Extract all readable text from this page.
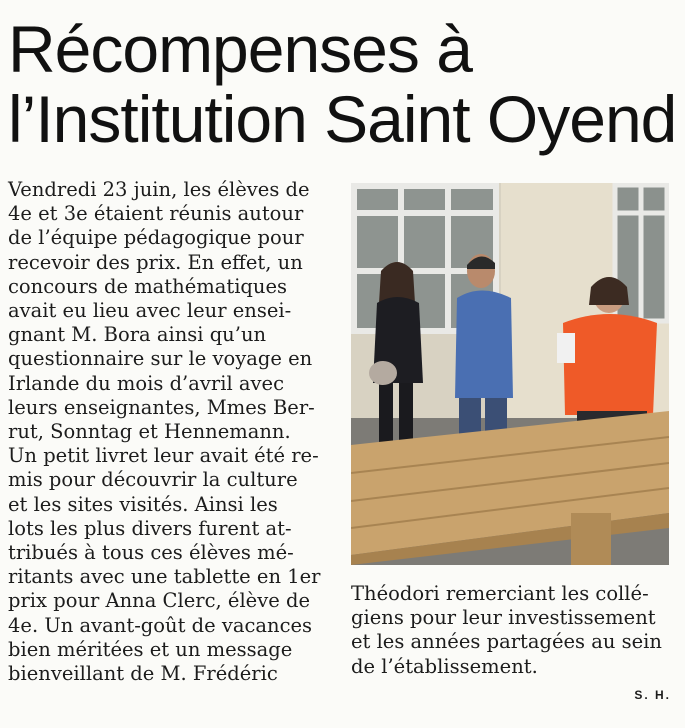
Récompenses à
l’Institution Saint Oyend
Vendredi 23 juin, les élèves de
4e et 3e étaient réunis autour
de l’équipe pédagogique pour
recevoir des prix. En effet, un
concours de mathématiques
avait eu lieu avec leur ensei-
gnant M. Bora ainsi qu’un
questionnaire sur le voyage en
Irlande du mois d’avril avec
leurs enseignantes, Mmes Ber-
rut, Sonntag et Hennemann.
Un petit livret leur avait été re-
mis pour découvrir la culture
et les sites visités. Ainsi les
lots les plus divers furent at-
tribués à tous ces élèves mé-
ritants avec une tablette en 1er
prix pour Anna Clerc, élève de
4e. Un avant-goût de vacances
bien méritées et un message
bienveillant de M. Frédéric
Théodori remerciant les collé-
giens pour leur investissement
et les années partagées au sein
de l’établissement.
S. H.
